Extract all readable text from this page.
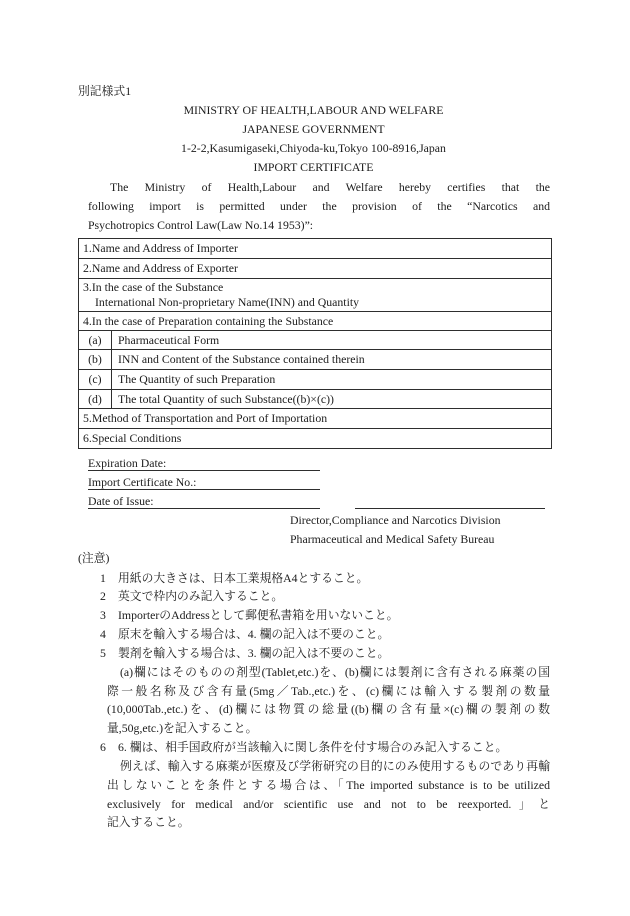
別記様式1
MINISTRY OF HEALTH,LABOUR AND WELFARE
JAPANESE GOVERNMENT
1-2-2,Kasumigaseki,Chiyoda-ku,Tokyo 100-8916,Japan
IMPORT CERTIFICATE
The Ministry of Health,Labour and Welfare hereby certifies that the
following import is permitted under the provision of the “Narcotics and
Psychotropics Control Law(Law No.14 1953)”:
1.Name and Address of Importer
2.Name and Address of Exporter
3.In the case of the Substance
International Non-proprietary Name(INN) and Quantity
4.In the case of Preparation containing the Substance
(a)	Pharmaceutical Form
(b)	INN and Content of the Substance contained therein
(c)	The Quantity of such Preparation
(d)	The total Quantity of such Substance((b)×(c))
5.Method of Transportation and Port of Importation
6.Special Conditions
Expiration Date:
Import Certificate No.:
Date of Issue:
Director,Compliance and Narcotics Division
Pharmaceutical and Medical Safety Bureau
(注意)
1 用紙の大きさは、日本工業規格A4とすること。
2 英文で枠内のみ記入すること。
3 ImporterのAddressとして郵便私書箱を用いないこと。
4 原末を輸入する場合は、4. 欄の記入は不要のこと。
5 製剤を輸入する場合は、3. 欄の記入は不要のこと。
(a)欄にはそのものの剤型(Tablet,etc.)を、(b)欄には製剤に含有される麻薬の国
際一般名称及び含有量(5mg／Tab.,etc.)を、(c)欄には輸入する製剤の数量
(10,000Tab.,etc.)を、(d)欄には物質の総量((b)欄の含有量×(c)欄の製剤の数
量,50g,etc.)を記入すること。
6 6. 欄は、相手国政府が当該輸入に関し条件を付す場合のみ記入すること。
例えば、輸入する麻薬が医療及び学術研究の目的にのみ使用するものであり再輸
出しないことを条件とする場合は、「The imported substance is to be utilized
exclusively for medical and/or scientific use and not to be reexported.」と
記入すること。
